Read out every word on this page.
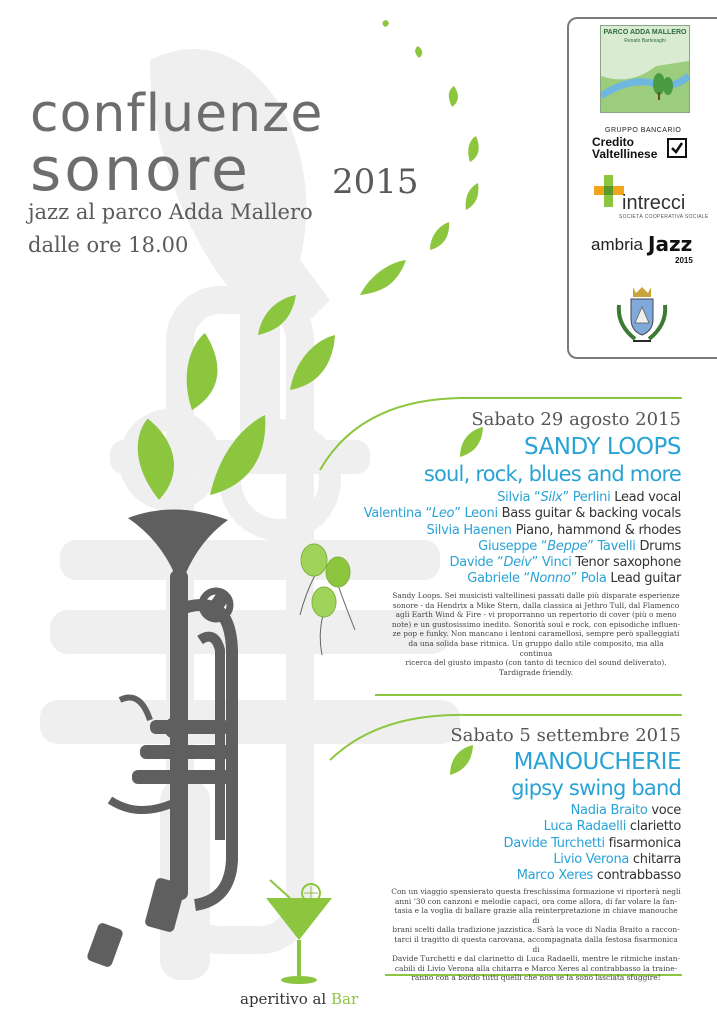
confluenze
sonore 2015
jazz al parco Adda Mallero
dalle ore 18.00
PARCO ADDA MALLERO
Renato Bartesaghi
GRUPPO BANCARIO
Credito
Valtellinese
intrecci
SOCIETÀ COOPERATIVA SOCIALE
ambria Jazz
2015
Sabato 29 agosto 2015
SANDY LOOPS
soul, rock, blues and more
Silvia “Silx” Perlini Lead vocal
Valentina “Leo” Leoni Bass guitar & backing vocals
Silvia Haenen Piano, hammond & rhodes
Giuseppe “Beppe” Tavelli Drums
Davide “Deiv” Vinci Tenor saxophone
Gabriele “Nonno” Pola Lead guitar
Sandy Loops. Sei musicisti valtellinesi passati dalle più disparate esperienze
sonore - da Hendrix a Mike Stern, dalla classica ai Jethro Tull, dal Flamenco
agli Earth Wind & Fire - vi proporranno un repertorio di cover (più o meno
note) e un gustosissimo inedito. Sonorità soul e rock, con episodiche influen-
ze pop e funky. Non mancano i lentoni caramellosi, sempre però spalleggiati
da una solida base ritmica. Un gruppo dallo stile composito, ma alla continua
ricerca del giusto impasto (con tanto di tecnico del sound deliverato).
Tardigrade friendly.
Sabato 5 settembre 2015
MANOUCHERIE
gipsy swing band
Nadia Braito voce
Luca Radaelli clarietto
Davide Turchetti fisarmonica
Livio Verona chitarra
Marco Xeres contrabbasso
Con un viaggio spensierato questa freschissima formazione vi riporterà negli
anni ’30 con canzoni e melodie capaci, ora come allora, di far volare la fan-
tasia e la voglia di ballare grazie alla reinterpretazione in chiave manouche di
brani scelti dalla tradizione jazzistica. Sarà la voce di Nadia Braito a raccon-
tarci il tragitto di questa carovana, accompagnata dalla festosa fisarmonica di
Davide Turchetti e dal clarinetto di Luca Radaelli, mentre le ritmiche instan-
cabili di Livio Verona alla chitarra e Marco Xeres al contrabbasso la traine-
ranno con a bordo tutti quelli che non se la sono lasciata sfuggire!
aperitivo al Bar
